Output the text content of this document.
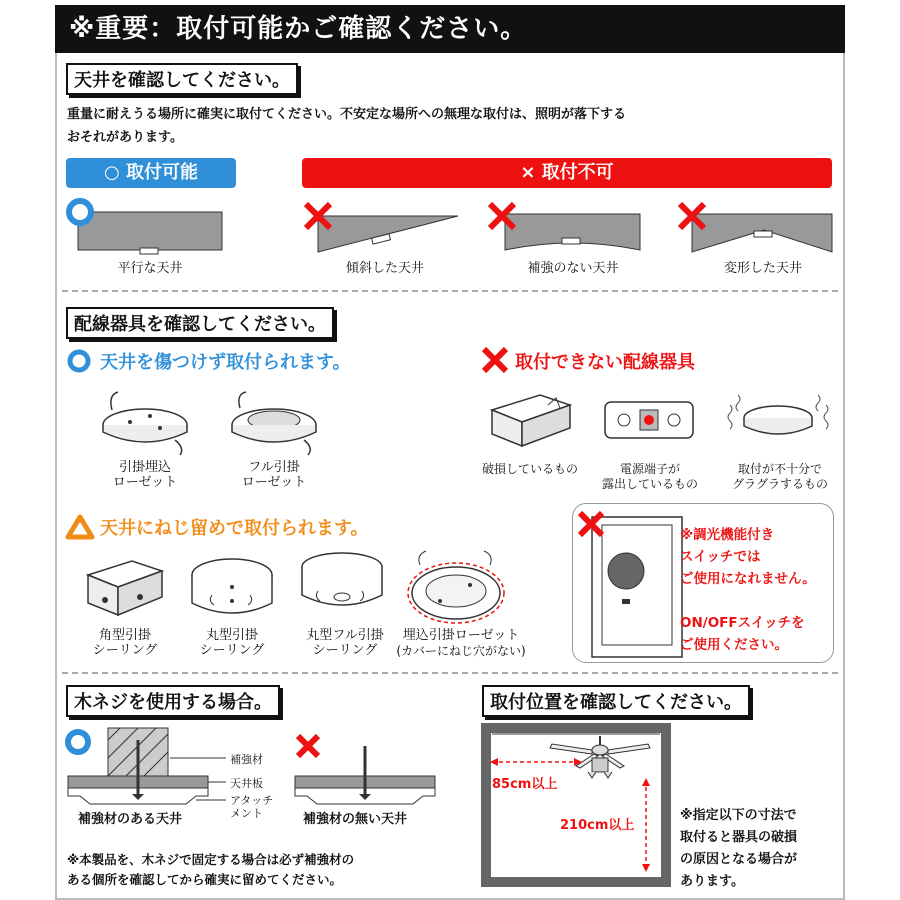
※重要：取付可能かご確認ください。
天井を確認してください。
重量に耐えうる場所に確実に取付てください。不安定な場所への無理な取付は、照明が落下する
おそれがあります。
○ 取付可能	× 取付不可
平行な天井	傾斜した天井	補強のない天井	変形した天井
配線器具を確認してください。
天井を傷つけず取付られます。	取付できない配線器具
引掛埋込
ローゼット
フル引掛
ローゼット
破損しているもの	電源端子が
露出しているもの
取付が不十分で
グラグラするもの
天井にねじ留めで取付られます。
角型引掛
シーリング
丸型引掛
シーリング
丸型フル引掛
シーリング
埋込引掛ローゼット
(カバーにねじ穴がない)
※調光機能付き
スイッチでは
ご使用になれません。
ON/OFFスイッチを
ご使用ください。
木ネジを使用する場合。
補強材
天井板
アタッチ
メント
補強材のある天井	補強材の無い天井
※本製品を、木ネジで固定する場合は必ず補強材の
ある個所を確認してから確実に留めてください。
取付位置を確認してください。
85cm以上
210cm以上
※指定以下の寸法で
取付ると器具の破損
の原因となる場合が
あります。
